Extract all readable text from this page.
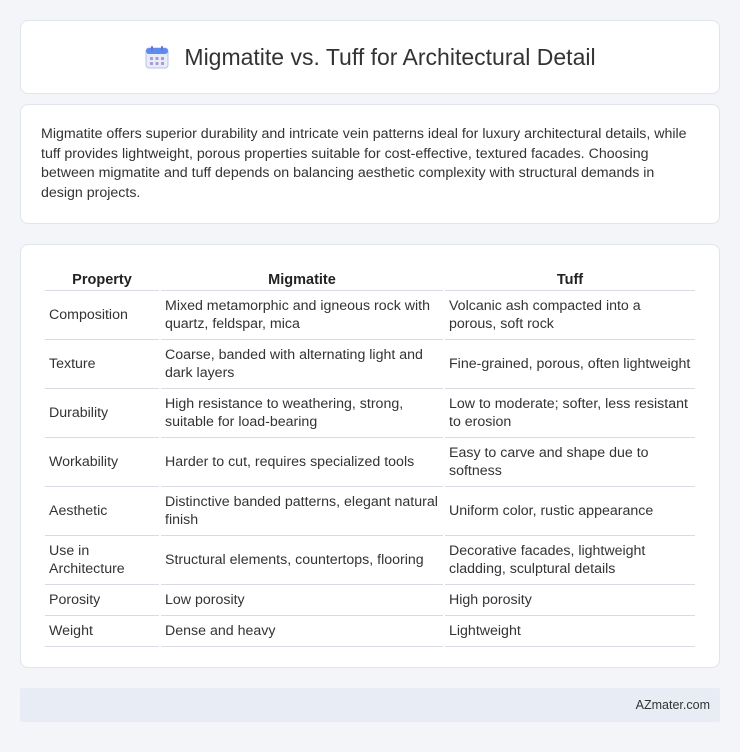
Migmatite vs. Tuff for Architectural Detail

Migmatite offers superior durability and intricate vein patterns ideal for luxury architectural details, while tuff provides lightweight, porous properties suitable for cost-effective, textured facades. Choosing between migmatite and tuff depends on balancing aesthetic complexity with structural demands in design projects.

Property	Migmatite	Tuff
Composition	Mixed metamorphic and igneous rock with quartz, feldspar, mica	Volcanic ash compacted into a porous, soft rock
Texture	Coarse, banded with alternating light and dark layers	Fine-grained, porous, often lightweight
Durability	High resistance to weathering, strong, suitable for load-bearing	Low to moderate; softer, less resistant to erosion
Workability	Harder to cut, requires specialized tools	Easy to carve and shape due to softness
Aesthetic	Distinctive banded patterns, elegant natural finish	Uniform color, rustic appearance
Use in Architecture	Structural elements, countertops, flooring	Decorative facades, lightweight cladding, sculptural details
Porosity	Low porosity	High porosity
Weight	Dense and heavy	Lightweight
AZmater.com
